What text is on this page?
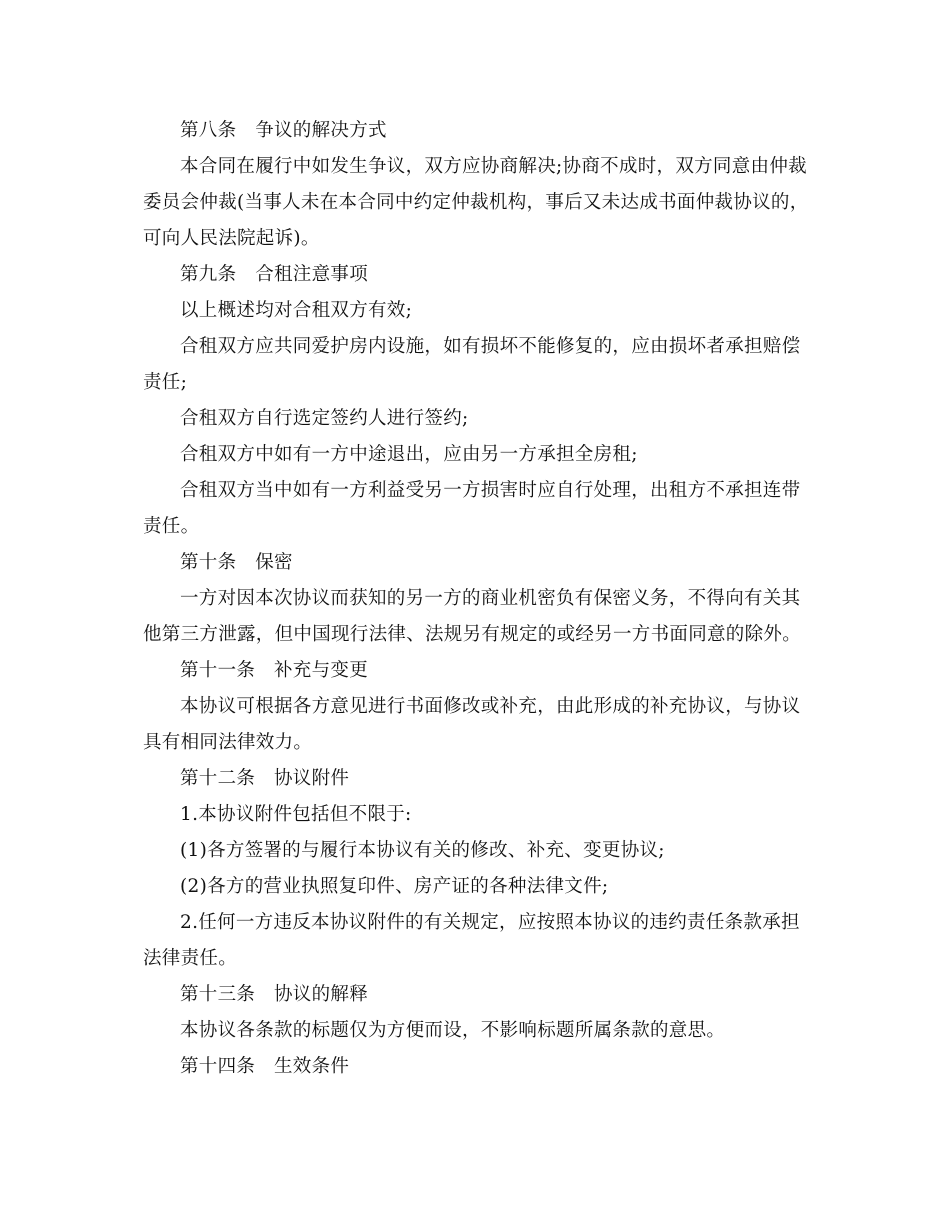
第八条　争议的解决方式
本合同在履行中如发生争议，双方应协商解决;协商不成时，双方同意由仲裁
委员会仲裁(当事人未在本合同中约定仲裁机构，事后又未达成书面仲裁协议的，
可向人民法院起诉)。
第九条　合租注意事项
以上概述均对合租双方有效;
合租双方应共同爱护房内设施，如有损坏不能修复的，应由损坏者承担赔偿
责任;
合租双方自行选定签约人进行签约;
合租双方中如有一方中途退出，应由另一方承担全房租;
合租双方当中如有一方利益受另一方损害时应自行处理，出租方不承担连带
责任。
第十条　保密
一方对因本次协议而获知的另一方的商业机密负有保密义务，不得向有关其
他第三方泄露，但中国现行法律、法规另有规定的或经另一方书面同意的除外。
第十一条　补充与变更
本协议可根据各方意见进行书面修改或补充，由此形成的补充协议，与协议
具有相同法律效力。
第十二条　协议附件
1.本协议附件包括但不限于:
(1)各方签署的与履行本协议有关的修改、补充、变更协议;
(2)各方的营业执照复印件、房产证的各种法律文件;
2.任何一方违反本协议附件的有关规定，应按照本协议的违约责任条款承担
法律责任。
第十三条　协议的解释
本协议各条款的标题仅为方便而设，不影响标题所属条款的意思。
第十四条　生效条件
